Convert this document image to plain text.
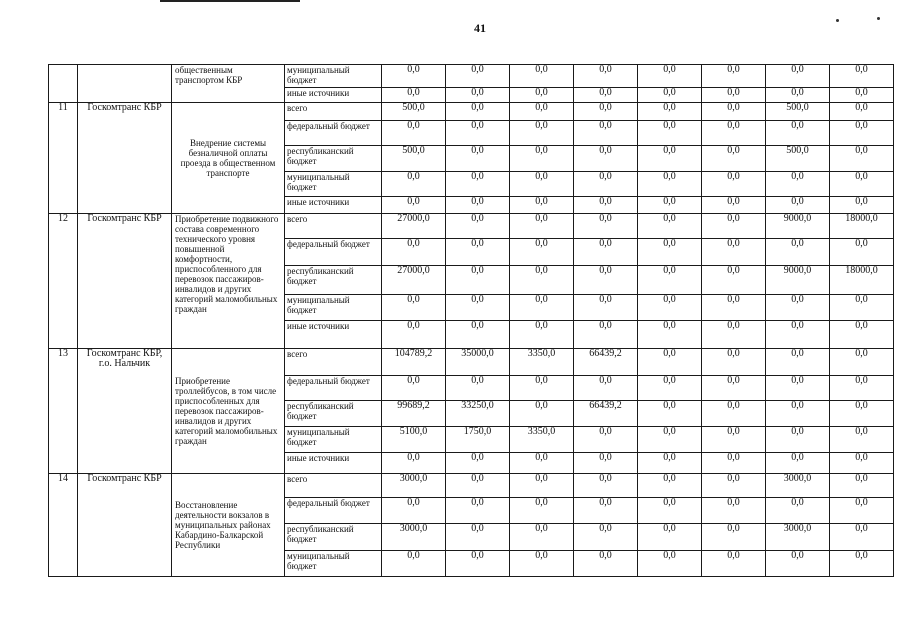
41
		общественным транспортом КБР	муниципальный бюджет	0,0	0,0	0,0	0,0	0,0	0,0	0,0	0,0
			иные источники	0,0	0,0	0,0	0,0	0,0	0,0	0,0	0,0
11	Госкомтранс КБР	Внедрение системы безналичной оплаты проезда в общественном транспорте	всего	500,0	0,0	0,0	0,0	0,0	0,0	500,0	0,0
			федеральный бюджет	0,0	0,0	0,0	0,0	0,0	0,0	0,0	0,0
			республиканский бюджет	500,0	0,0	0,0	0,0	0,0	0,0	500,0	0,0
			муниципальный бюджет	0,0	0,0	0,0	0,0	0,0	0,0	0,0	0,0
			иные источники	0,0	0,0	0,0	0,0	0,0	0,0	0,0	0,0
12	Госкомтранс КБР	Приобретение подвижного состава современного технического уровня повышенной комфортности, приспособленного для перевозок пассажиров-инвалидов и других категорий маломобильных граждан	всего	27000,0	0,0	0,0	0,0	0,0	0,0	9000,0	18000,0
			федеральный бюджет	0,0	0,0	0,0	0,0	0,0	0,0	0,0	0,0
			республиканский бюджет	27000,0	0,0	0,0	0,0	0,0	0,0	9000,0	18000,0
			муниципальный бюджет	0,0	0,0	0,0	0,0	0,0	0,0	0,0	0,0
			иные источники	0,0	0,0	0,0	0,0	0,0	0,0	0,0	0,0
13	Госкомтранс КБР, г.о. Нальчик	Приобретение троллейбусов, в том числе приспособленных для перевозок пассажиров-инвалидов и других категорий маломобильных граждан	всего	104789,2	35000,0	3350,0	66439,2	0,0	0,0	0,0	0,0
			федеральный бюджет	0,0	0,0	0,0	0,0	0,0	0,0	0,0	0,0
			республиканский бюджет	99689,2	33250,0	0,0	66439,2	0,0	0,0	0,0	0,0
			муниципальный бюджет	5100,0	1750,0	3350,0	0,0	0,0	0,0	0,0	0,0
			иные источники	0,0	0,0	0,0	0,0	0,0	0,0	0,0	0,0
14	Госкомтранс КБР	Восстановление деятельности вокзалов в муниципальных районах Кабардино-Балкарской Республики	всего	3000,0	0,0	0,0	0,0	0,0	0,0	3000,0	0,0
			федеральный бюджет	0,0	0,0	0,0	0,0	0,0	0,0	0,0	0,0
			республиканский бюджет	3000,0	0,0	0,0	0,0	0,0	0,0	3000,0	0,0
			муниципальный бюджет	0,0	0,0	0,0	0,0	0,0	0,0	0,0	0,0
